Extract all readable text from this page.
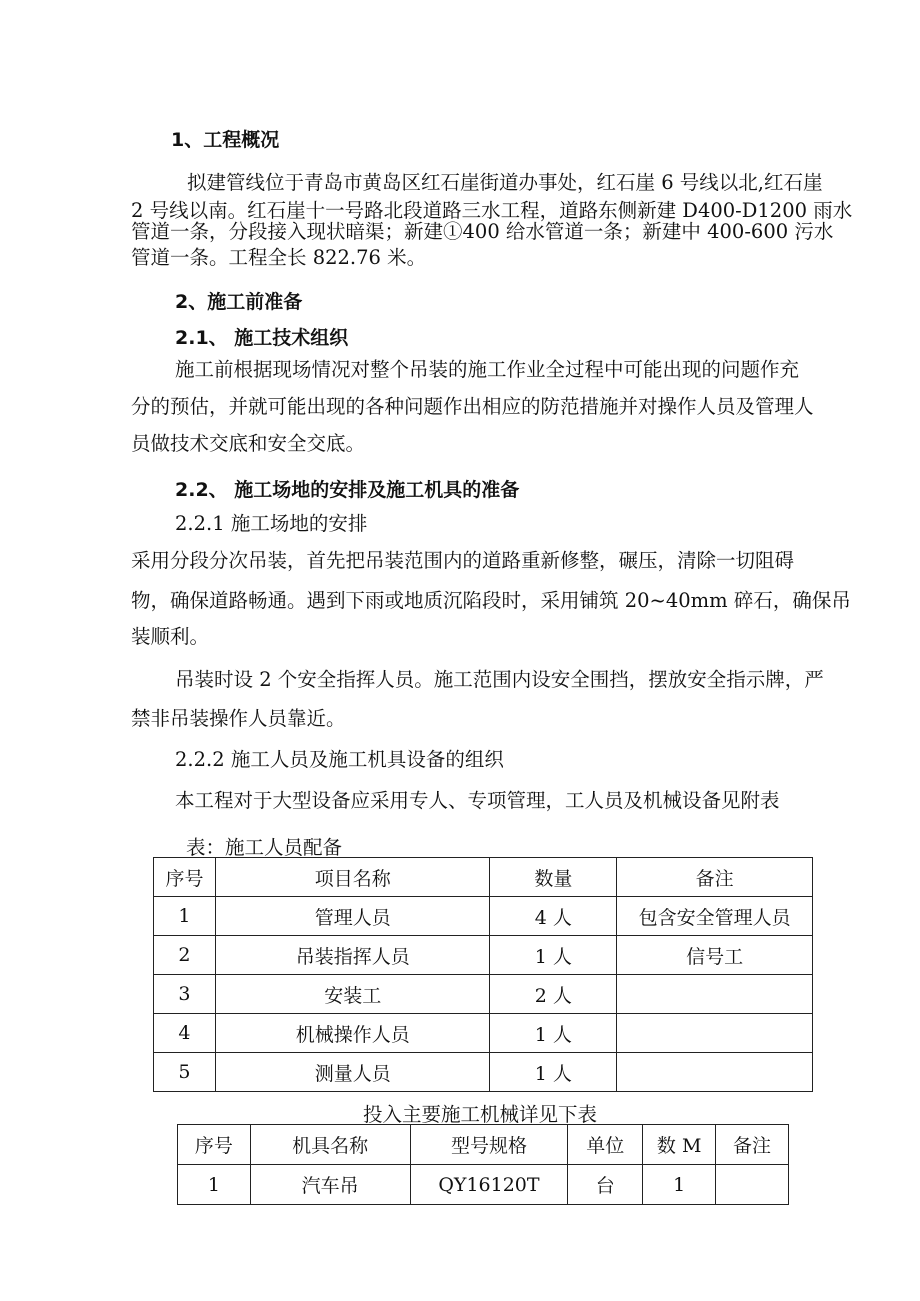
1、工程概况
拟建管线位于青岛市黄岛区红石崖街道办事处，红石崖 6 号线以北,红石崖
2 号线以南。红石崖十一号路北段道路三水工程，道路东侧新建 D400-D1200 雨水
管道一条，分段接入现状暗渠；新建①400 给水管道一条；新建中 400-600 污水
管道一条。工程全长 822.76 米。
2、施工前准备
2.1、 施工技术组织
施工前根据现场情况对整个吊装的施工作业全过程中可能出现的问题作充
分的预估，并就可能出现的各种问题作出相应的防范措施并对操作人员及管理人
员做技术交底和安全交底。
2.2、 施工场地的安排及施工机具的准备
2.2.1 施工场地的安排
采用分段分次吊装，首先把吊装范围内的道路重新修整，碾压，清除一切阻碍
物，确保道路畅通。遇到下雨或地质沉陷段时，采用铺筑 20~40mm 碎石，确保吊
装顺利。
吊装时设 2 个安全指挥人员。施工范围内设安全围挡，摆放安全指示牌，严
禁非吊装操作人员靠近。
2.2.2 施工人员及施工机具设备的组织
本工程对于大型设备应采用专人、专项管理，工人员及机械设备见附表
表：施工人员配备
序号	项目名称	数量	备注
1	管理人员	4 人	包含安全管理人员
2	吊装指挥人员	1 人	信号工
3	安装工	2 人	
4	机械操作人员	1 人	
5	测量人员	1 人	
投入主要施工机械详见下表
序号	机具名称	型号规格	单位	数 M	备注
1	汽车吊	QY16120T	台	1	
